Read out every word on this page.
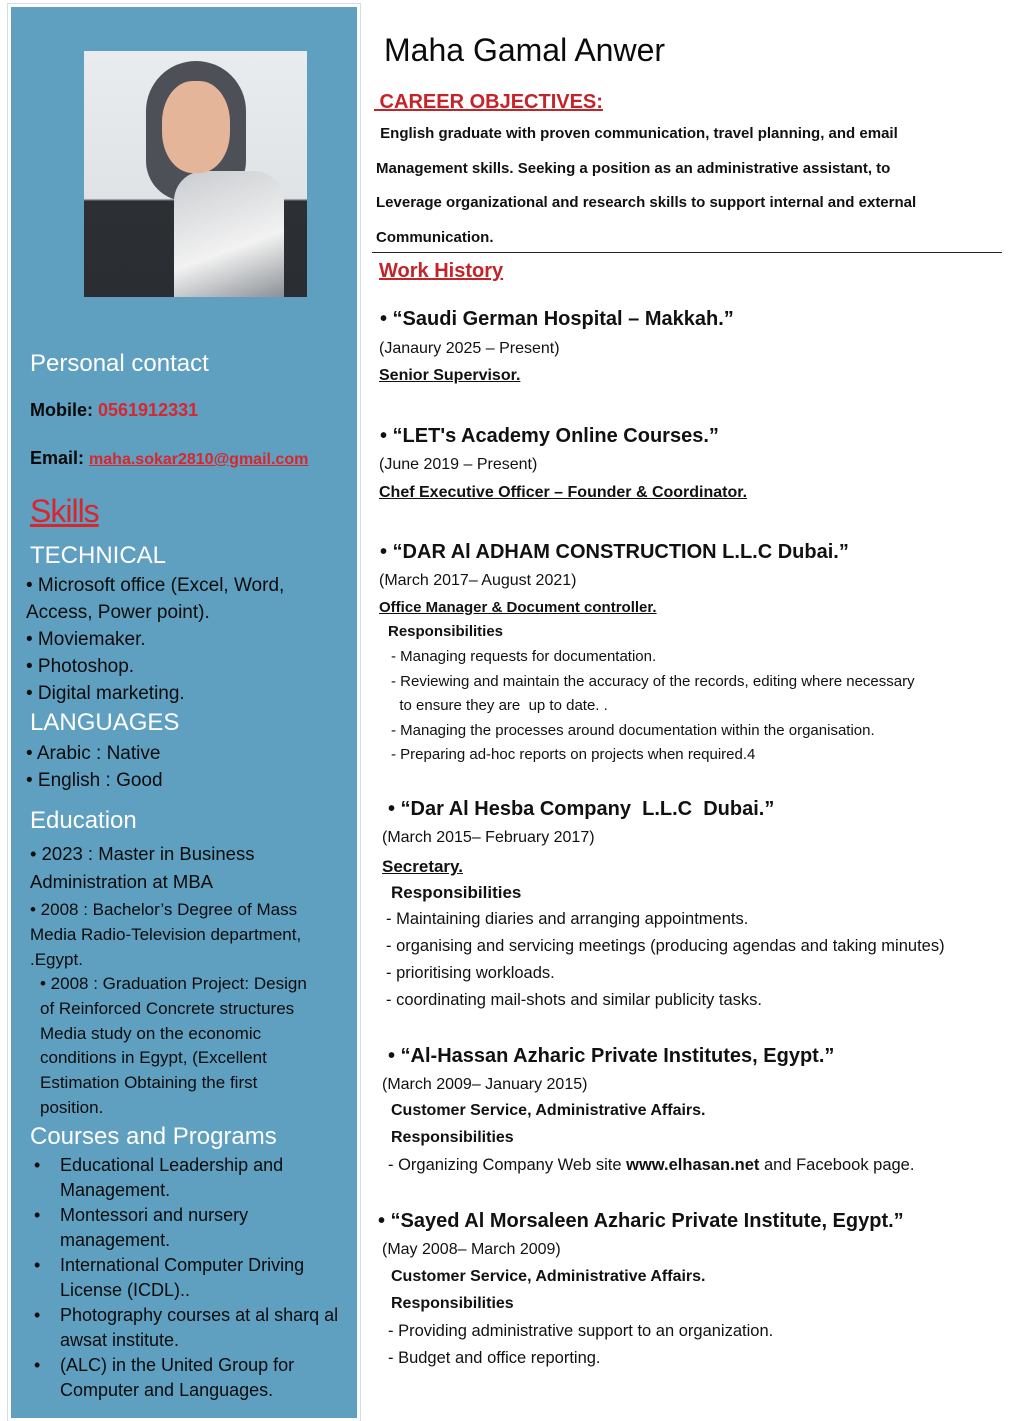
Personal contact
Mobile: 0561912331
Email: maha.sokar2810@gmail.com
Skills
TECHNICAL
• Microsoft office (Excel, Word,
Access, Power point).
• Moviemaker.
• Photoshop.
• Digital marketing.
LANGUAGES
• Arabic : Native
• English : Good
Education
• 2023 : Master in Business
Administration at MBA
• 2008 : Bachelor’s Degree of Mass
Media Radio-Television department,
.Egypt.
• 2008 : Graduation Project: Design
of Reinforced Concrete structures
Media study on the economic
conditions in Egypt, (Excellent
Estimation Obtaining the first
position.
Courses and Programs
• Educational Leadership and Management.
• Montessori and nursery management.
• International Computer Driving License (ICDL)..
• Photography courses at al sharq al awsat institute.
• (ALC) in the United Group for Computer and Languages.
Maha Gamal Anwer
CAREER OBJECTIVES:
English graduate with proven communication, travel planning, and email
Management skills. Seeking a position as an administrative assistant, to
Leverage organizational and research skills to support internal and external
Communication.
Work History
• “Saudi German Hospital – Makkah.”
(Janaury 2025 – Present)
Senior Supervisor.
• “LET's Academy Online Courses.”
(June 2019 – Present)
Chef Executive Officer – Founder & Coordinator.
• “DAR Al ADHAM CONSTRUCTION L.L.C Dubai.”
(March 2017– August 2021)
Office Manager & Document controller.
Responsibilities
- Managing requests for documentation.
- Reviewing and maintain the accuracy of the records, editing where necessary
to ensure they are  up to date. .
- Managing the processes around documentation within the organisation.
- Preparing ad-hoc reports on projects when required.4
• “Dar Al Hesba Company  L.L.C  Dubai.”
(March 2015– February 2017)
Secretary.
Responsibilities
- Maintaining diaries and arranging appointments.
- organising and servicing meetings (producing agendas and taking minutes)
- prioritising workloads.
- coordinating mail-shots and similar publicity tasks.
• “Al-Hassan Azharic Private Institutes, Egypt.”
(March 2009– January 2015)
Customer Service, Administrative Affairs.
Responsibilities
- Organizing Company Web site www.elhasan.net and Facebook page.
• “Sayed Al Morsaleen Azharic Private Institute, Egypt.”
(May 2008– March 2009)
Customer Service, Administrative Affairs.
Responsibilities
- Providing administrative support to an organization.
- Budget and office reporting.
